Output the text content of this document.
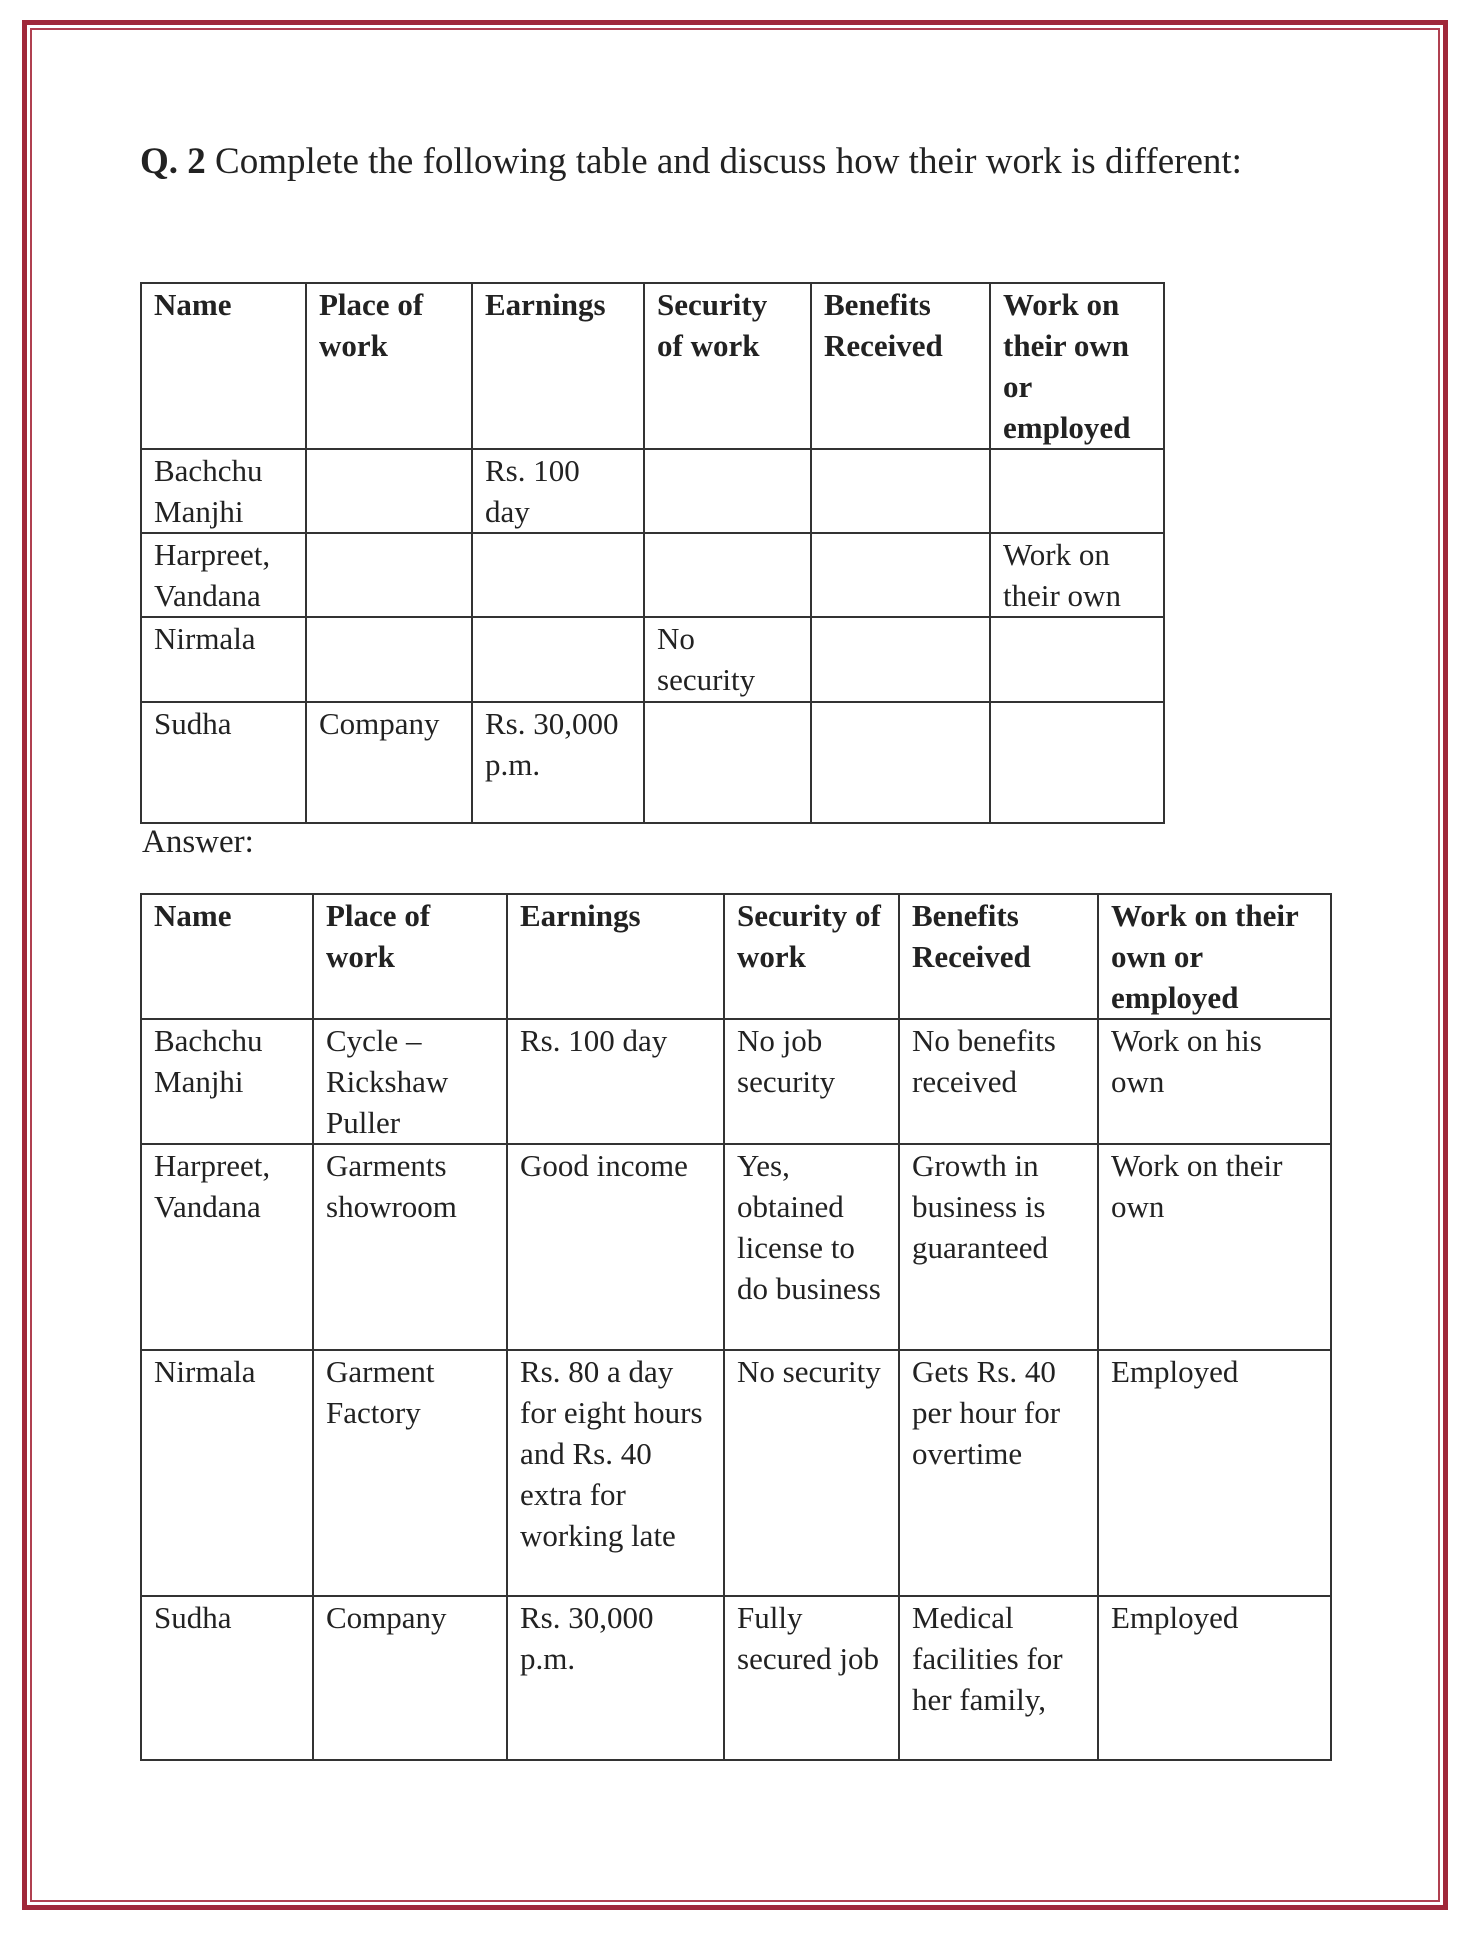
Q. 2 Complete the following table and discuss how their work is different:
Name	Place of work	Earnings	Security of work	Benefits Received	Work on their own or employed
Bachchu Manjhi		Rs. 100 day			
Harpreet, Vandana					Work on their own
Nirmala			No security		
Sudha	Company	Rs. 30,000 p.m.			
Answer:
Name	Place of work	Earnings	Security of work	Benefits Received	Work on their own or employed
Bachchu Manjhi	Cycle – Rickshaw Puller	Rs. 100 day	No job security	No benefits received	Work on his own
Harpreet, Vandana	Garments showroom	Good income	Yes, obtained license to do business	Growth in business is guaranteed	Work on their own
Nirmala	Garment Factory	Rs. 80 a day for eight hours and Rs. 40 extra for working late	No security	Gets Rs. 40 per hour for overtime	Employed
Sudha	Company	Rs. 30,000 p.m.	Fully secured job	Medical facilities for her family,	Employed
